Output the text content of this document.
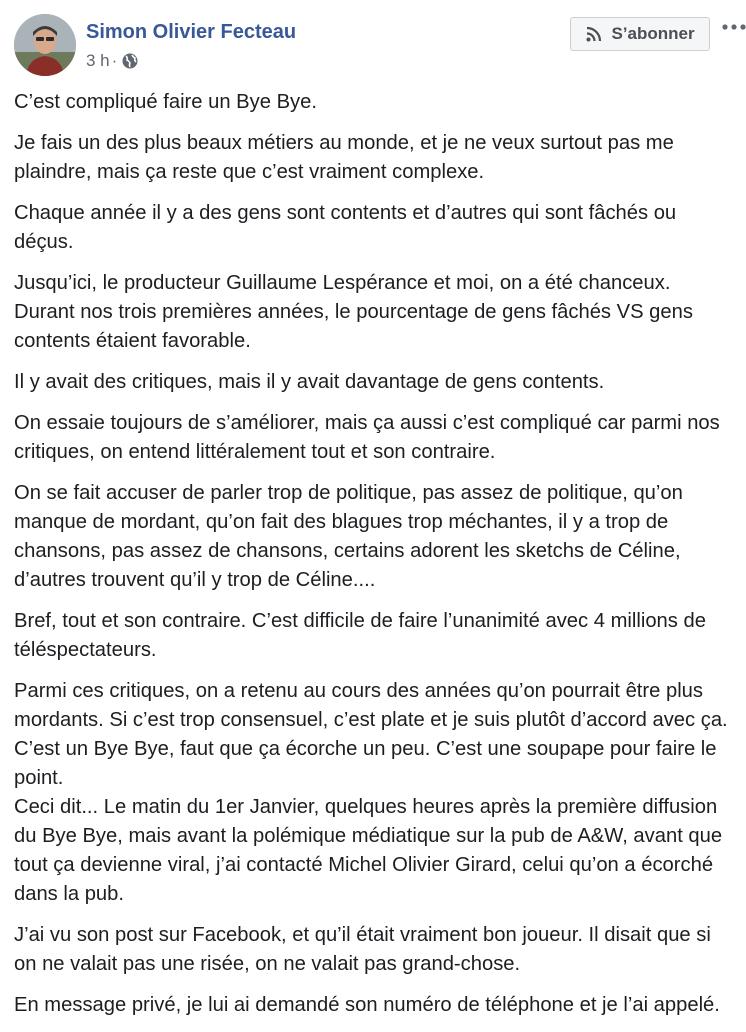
Simon Olivier Fecteau
3 h ·
S’abonner

C’est compliqué faire un Bye Bye.

Je fais un des plus beaux métiers au monde, et je ne veux surtout pas me plaindre, mais ça reste que c’est vraiment complexe.

Chaque année il y a des gens sont contents et d’autres qui sont fâchés ou déçus.

Jusqu’ici, le producteur Guillaume Lespérance et moi, on a été chanceux. Durant nos trois premières années, le pourcentage de gens fâchés VS gens contents étaient favorable.

Il y avait des critiques, mais il y avait davantage de gens contents.

On essaie toujours de s’améliorer, mais ça aussi c’est compliqué car parmi nos critiques, on entend littéralement tout et son contraire.

On se fait accuser de parler trop de politique, pas assez de politique, qu’on manque de mordant, qu’on fait des blagues trop méchantes, il y a trop de chansons, pas assez de chansons, certains adorent les sketchs de Céline, d’autres trouvent qu’il y trop de Céline....

Bref, tout et son contraire. C’est difficile de faire l’unanimité avec 4 millions de téléspectateurs.

Parmi ces critiques, on a retenu au cours des années qu’on pourrait être plus mordants. Si c’est trop consensuel, c’est plate et je suis plutôt d’accord avec ça. C’est un Bye Bye, faut que ça écorche un peu. C’est une soupape pour faire le point.
Ceci dit... Le matin du 1er Janvier, quelques heures après la première diffusion du Bye Bye, mais avant la polémique médiatique sur la pub de A&W, avant que tout ça devienne viral, j’ai contacté Michel Olivier Girard, celui qu’on a écorché dans la pub.

J’ai vu son post sur Facebook, et qu’il était vraiment bon joueur. Il disait que si on ne valait pas une risée, on ne valait pas grand-chose.

En message privé, je lui ai demandé son numéro de téléphone et je l’ai appelé.
